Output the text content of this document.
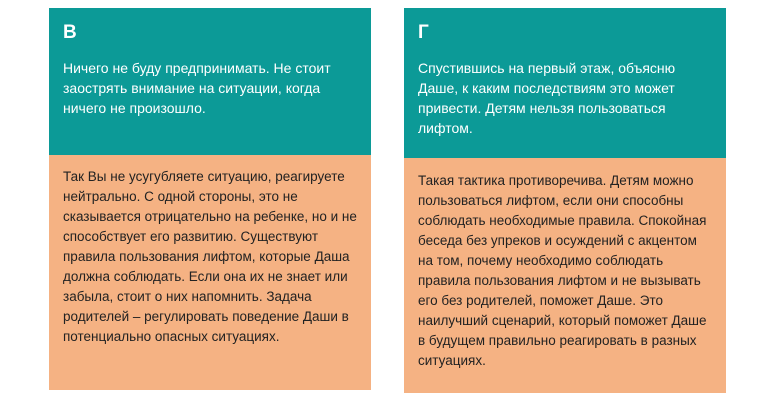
В

Ничего не буду предпринимать. Не стоит заострять внимание на ситуации, когда ничего не произошло.

Так Вы не усугубляете ситуацию, реагируете нейтрально. С одной стороны, это не сказывается отрицательно на ребенке, но и не способствует его развитию. Существуют правила пользования лифтом, которые Даша должна соблюдать. Если она их не знает или забыла, стоит о них напомнить. Задача родителей – регулировать поведение Даши в потенциально опасных ситуациях.

Г

Спустившись на первый этаж, объясню Даше, к каким последствиям это может привести. Детям нельзя пользоваться лифтом.

Такая тактика противоречива. Детям можно пользоваться лифтом, если они способны соблюдать необходимые правила. Спокойная беседа без упреков и осуждений с акцентом на том, почему необходимо соблюдать правила пользования лифтом и не вызывать его без родителей, поможет Даше. Это наилучший сценарий, который поможет Даше в будущем правильно реагировать в разных ситуациях.
